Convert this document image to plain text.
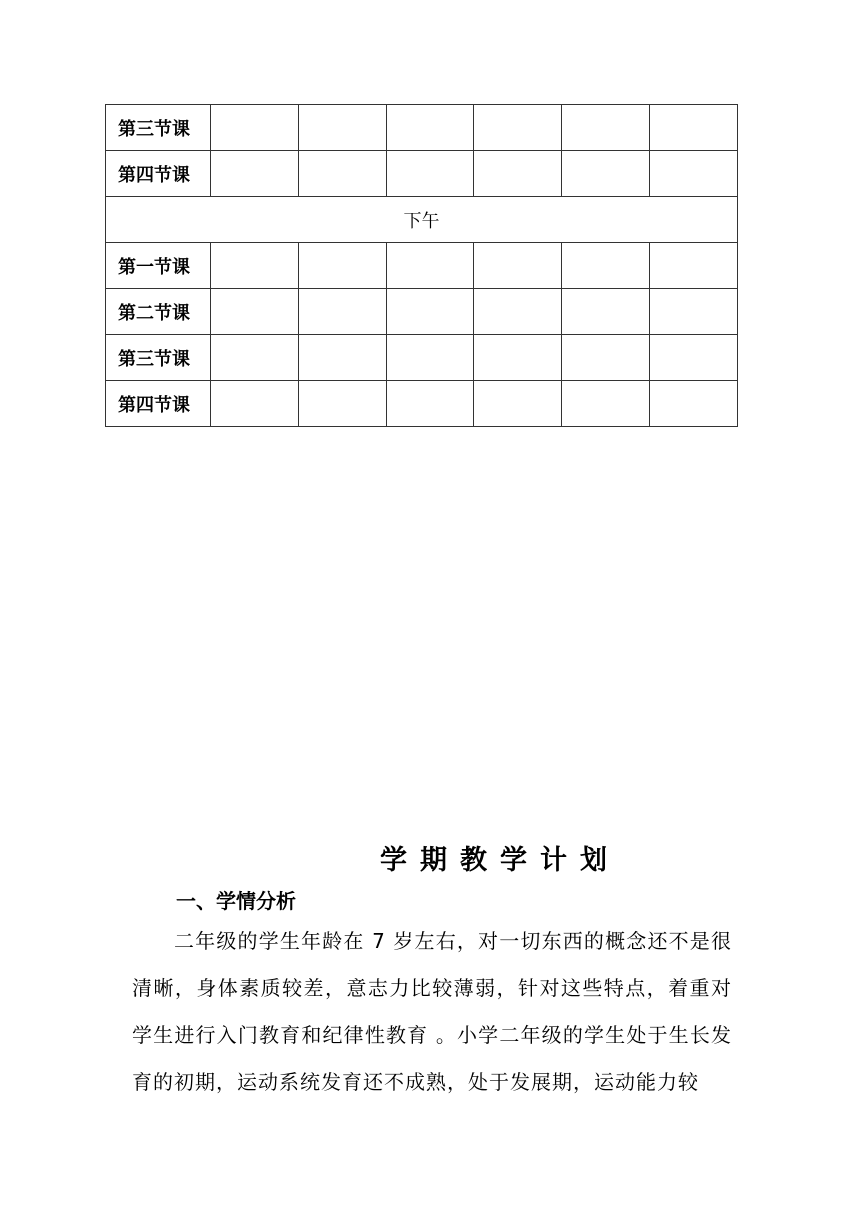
第三节课						
第四节课						
下午						
第一节课						
第二节课						
第三节课						
第四节课						
学期教学计划
一、学情分析
二年级的学生年龄在 7 岁左右，对一切东西的概念还不是很清晰，身体素质较差，意志力比较薄弱，针对这些特点，着重对学生进行入门教育和纪律性教育 。小学二年级的学生处于生长发育的初期，运动系统发育还不成熟，处于发展期，运动能力较
